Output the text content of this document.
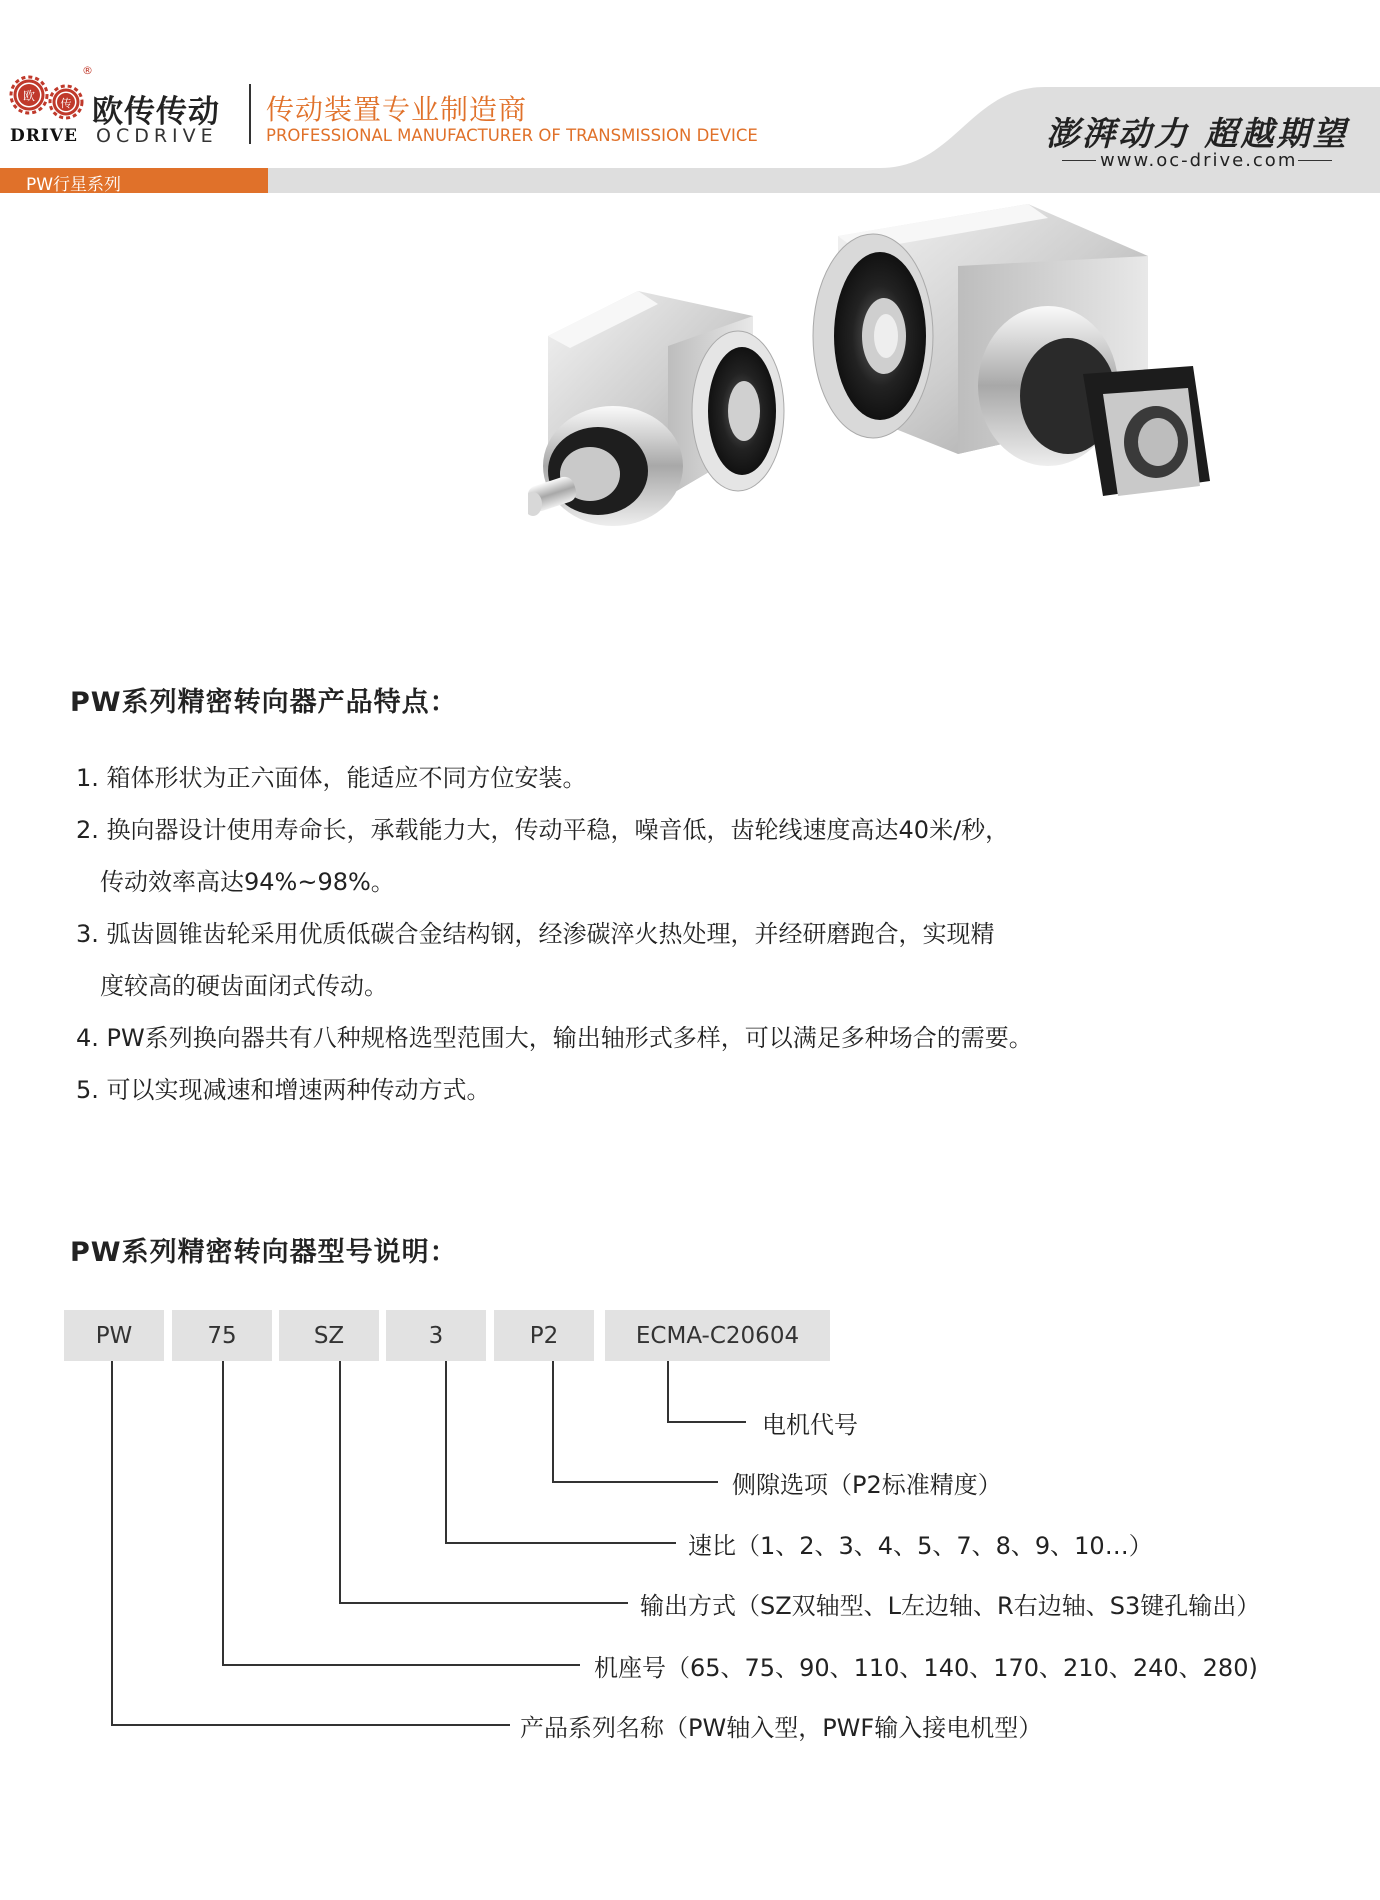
欧
传
®
欧传传动
DRIVE OCDRIVE
传动装置专业制造商
PROFESSIONAL MANUFACTURER OF TRANSMISSION DEVICE	澎湃动力 超越期望
www.oc-drive.com
PW行星系列
PW系列精密转向器产品特点：
1. 箱体形状为正六面体，能适应不同方位安装。
2. 换向器设计使用寿命长，承载能力大，传动平稳，噪音低，齿轮线速度高达40米/秒，
传动效率高达94%~98%。
3. 弧齿圆锥齿轮采用优质低碳合金结构钢，经渗碳淬火热处理，并经研磨跑合，实现精
度较高的硬齿面闭式传动。
4. PW系列换向器共有八种规格选型范围大，输出轴形式多样，可以满足多种场合的需要。
5. 可以实现减速和增速两种传动方式。
PW系列精密转向器型号说明：
PW	75	SZ	3	P2	ECMA-C20604
电机代号
侧隙选项（P2标准精度）
速比（1、2、3、4、5、7、8、9、10…）
输出方式（SZ双轴型、L左边轴、R右边轴、S3键孔输出）
机座号（65、75、90、110、140、170、210、240、280)
产品系列名称（PW轴入型，PWF输入接电机型）
